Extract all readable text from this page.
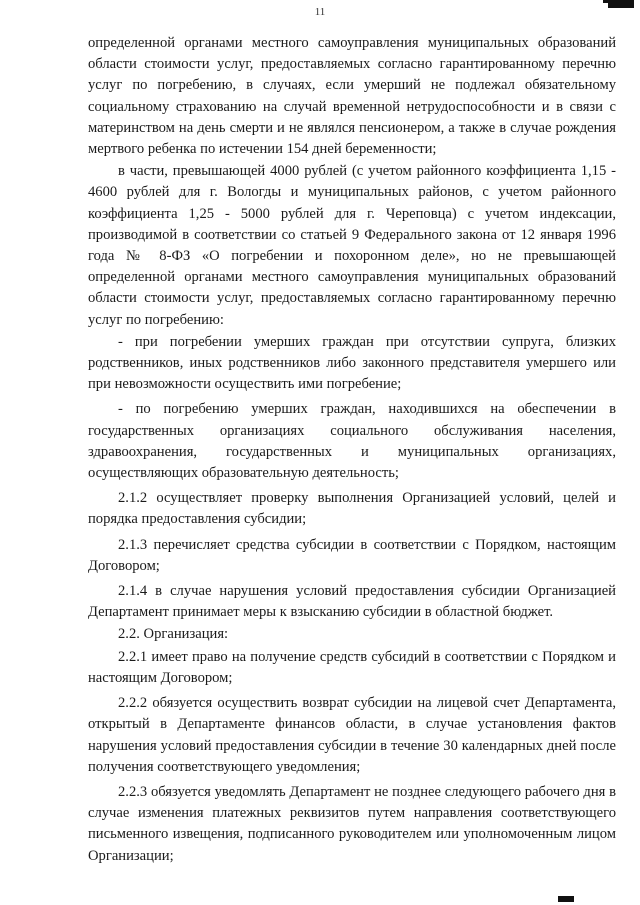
11

определенной органами местного самоуправления муниципальных образований области стоимости услуг, предоставляемых согласно гарантированному перечню услуг по погребению, в случаях, если умерший не подлежал обязательному социальному страхованию на случай временной нетрудоспособности и в связи с материнством на день смерти и не являлся пенсионером, а также в случае рождения мертвого ребенка по истечении 154 дней беременности;

в части, превышающей 4000 рублей (с учетом районного коэффициента 1,15 - 4600 рублей для г. Вологды и муниципальных районов, с учетом районного коэффициента 1,25 - 5000 рублей для г. Череповца) с учетом индексации, производимой в соответствии со статьей 9 Федерального закона от 12 января 1996 года № 8-ФЗ «О погребении и похоронном деле», но не превышающей определенной органами местного самоуправления муниципальных образований области стоимости услуг, предоставляемых согласно гарантированному перечню услуг по погребению:

- при погребении умерших граждан при отсутствии супруга, близких родственников, иных родственников либо законного представителя умершего или при невозможности осуществить ими погребение;

- по погребению умерших граждан, находившихся на обеспечении в государственных организациях социального обслуживания населения, здравоохранения, государственных и муниципальных организациях, осуществляющих образовательную деятельность;

2.1.2 осуществляет проверку выполнения Организацией условий, целей и порядка предоставления субсидии;

2.1.3 перечисляет средства субсидии в соответствии с Порядком, настоящим Договором;

2.1.4 в случае нарушения условий предоставления субсидии Организацией Департамент принимает меры к взысканию субсидии в областной бюджет.

2.2. Организация:

2.2.1 имеет право на получение средств субсидий в соответствии с Порядком и настоящим Договором;

2.2.2 обязуется осуществить возврат субсидии на лицевой счет Департамента, открытый в Департаменте финансов области, в случае установления фактов нарушения условий предоставления субсидии в течение 30 календарных дней после получения соответствующего уведомления;

2.2.3 обязуется уведомлять Департамент не позднее следующего рабочего дня в случае изменения платежных реквизитов путем направления соответствующего письменного извещения, подписанного руководителем или уполномоченным лицом Организации;
